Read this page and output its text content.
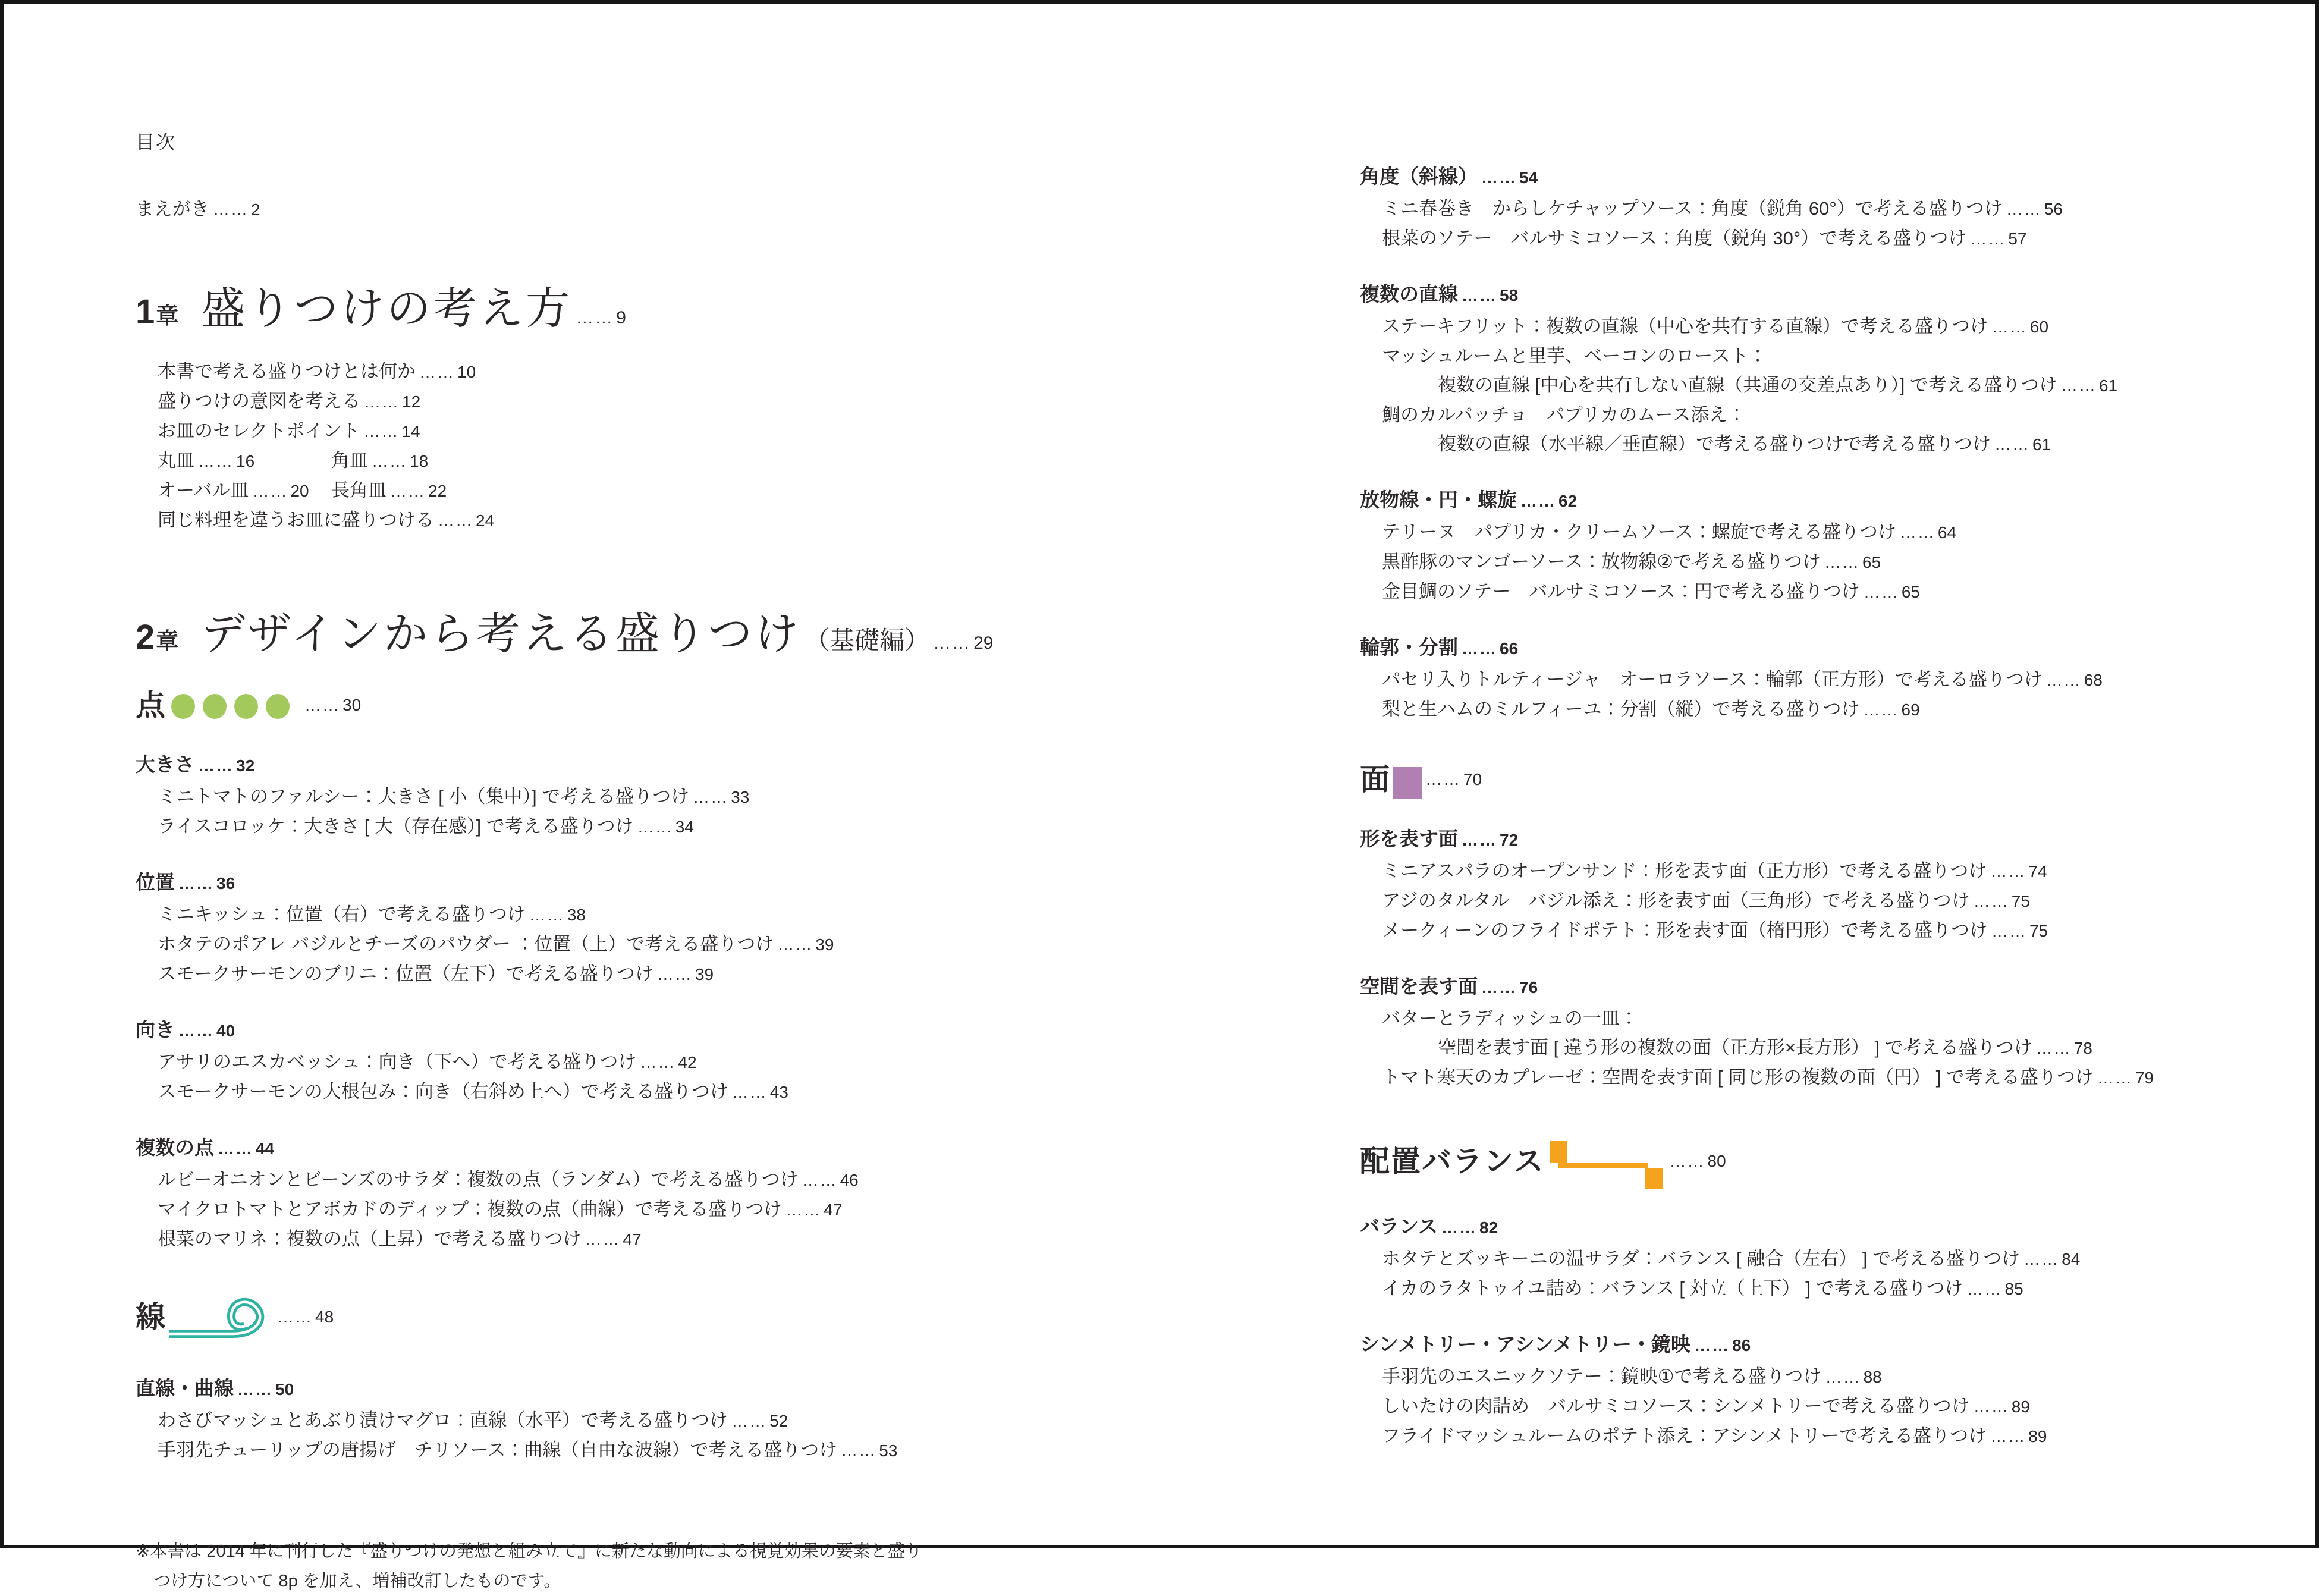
目次
まえがき …… 2
1章 盛りつけの考え方 …… 9
本書で考える盛りつけとは何か …… 10
盛りつけの意図を考える …… 12
お皿のセレクトポイント …… 14
丸皿 …… 16	角皿 …… 18
オーバル皿 …… 20 長角皿 …… 22
同じ料理を違うお皿に盛りつける …… 24
2章 デザインから考える盛りつけ （基礎編） …… 29
点	…… 30
大きさ …… 32
ミニトマトのファルシー：大きさ [ 小（集中）] で考える盛りつけ …… 33
ライスコロッケ：大きさ [ 大（存在感）] で考える盛りつけ …… 34
位置 …… 36
ミニキッシュ：位置（右）で考える盛りつけ …… 38
ホタテのポアレ バジルとチーズのパウダー ：位置（上）で考える盛りつけ …… 39
スモークサーモンのブリニ：位置（左下）で考える盛りつけ …… 39
向き …… 40
アサリのエスカベッシュ：向き（下へ）で考える盛りつけ …… 42
スモークサーモンの大根包み：向き（右斜め上へ）で考える盛りつけ …… 43
複数の点 …… 44
ルビーオニオンとビーンズのサラダ：複数の点（ランダム）で考える盛りつけ …… 46
マイクロトマトとアボカドのディップ：複数の点（曲線）で考える盛りつけ …… 47
根菜のマリネ：複数の点（上昇）で考える盛りつけ …… 47
線	…… 48
直線・曲線 …… 50
わさびマッシュとあぶり漬けマグロ：直線（水平）で考える盛りつけ …… 52
手羽先チューリップの唐揚げ　チリソース：曲線（自由な波線）で考える盛りつけ …… 53
※本書は 2014 年に刊行した『盛りつけの発想と組み立て』に新たな動向による視覚効果の要素と盛り
つけ方について 8p を加え、増補改訂したものです。
角度（斜線） …… 54
ミニ春巻き　からしケチャップソース：角度（鋭角 60°）で考える盛りつけ …… 56
根菜のソテー　バルサミコソース：角度（鋭角 30°）で考える盛りつけ …… 57
複数の直線 …… 58
ステーキフリット：複数の直線（中心を共有する直線）で考える盛りつけ …… 60
マッシュルームと里芋、ベーコンのロースト：
複数の直線 [中心を共有しない直線（共通の交差点あり）] で考える盛りつけ …… 61
鯛のカルパッチョ　パプリカのムース添え：
複数の直線（水平線／垂直線）で考える盛りつけで考える盛りつけ …… 61
放物線・円・螺旋 …… 62
テリーヌ　パプリカ・クリームソース：螺旋で考える盛りつけ …… 64
黒酢豚のマンゴーソース：放物線②で考える盛りつけ …… 65
金目鯛のソテー　バルサミコソース：円で考える盛りつけ …… 65
輪郭・分割 …… 66
パセリ入りトルティージャ　オーロラソース：輪郭（正方形）で考える盛りつけ …… 68
梨と生ハムのミルフィーユ：分割（縦）で考える盛りつけ …… 69
面 …… 70
形を表す面 …… 72
ミニアスパラのオープンサンド：形を表す面（正方形）で考える盛りつけ …… 74
アジのタルタル　バジル添え：形を表す面（三角形）で考える盛りつけ …… 75
メークィーンのフライドポテト：形を表す面（楕円形）で考える盛りつけ …… 75
空間を表す面 …… 76
バターとラディッシュの一皿：
空間を表す面 [ 違う形の複数の面（正方形×長方形） ] で考える盛りつけ …… 78
トマト寒天のカプレーゼ：空間を表す面 [ 同じ形の複数の面（円） ] で考える盛りつけ …… 79
配置バランス	…… 80
バランス …… 82
ホタテとズッキーニの温サラダ：バランス [ 融合（左右） ] で考える盛りつけ …… 84
イカのラタトゥイユ詰め：バランス [ 対立（上下） ] で考える盛りつけ …… 85
シンメトリー・アシンメトリー・鏡映 …… 86
手羽先のエスニックソテー：鏡映①で考える盛りつけ …… 88
しいたけの肉詰め　バルサミコソース：シンメトリーで考える盛りつけ …… 89
フライドマッシュルームのポテト添え：アシンメトリーで考える盛りつけ …… 89
